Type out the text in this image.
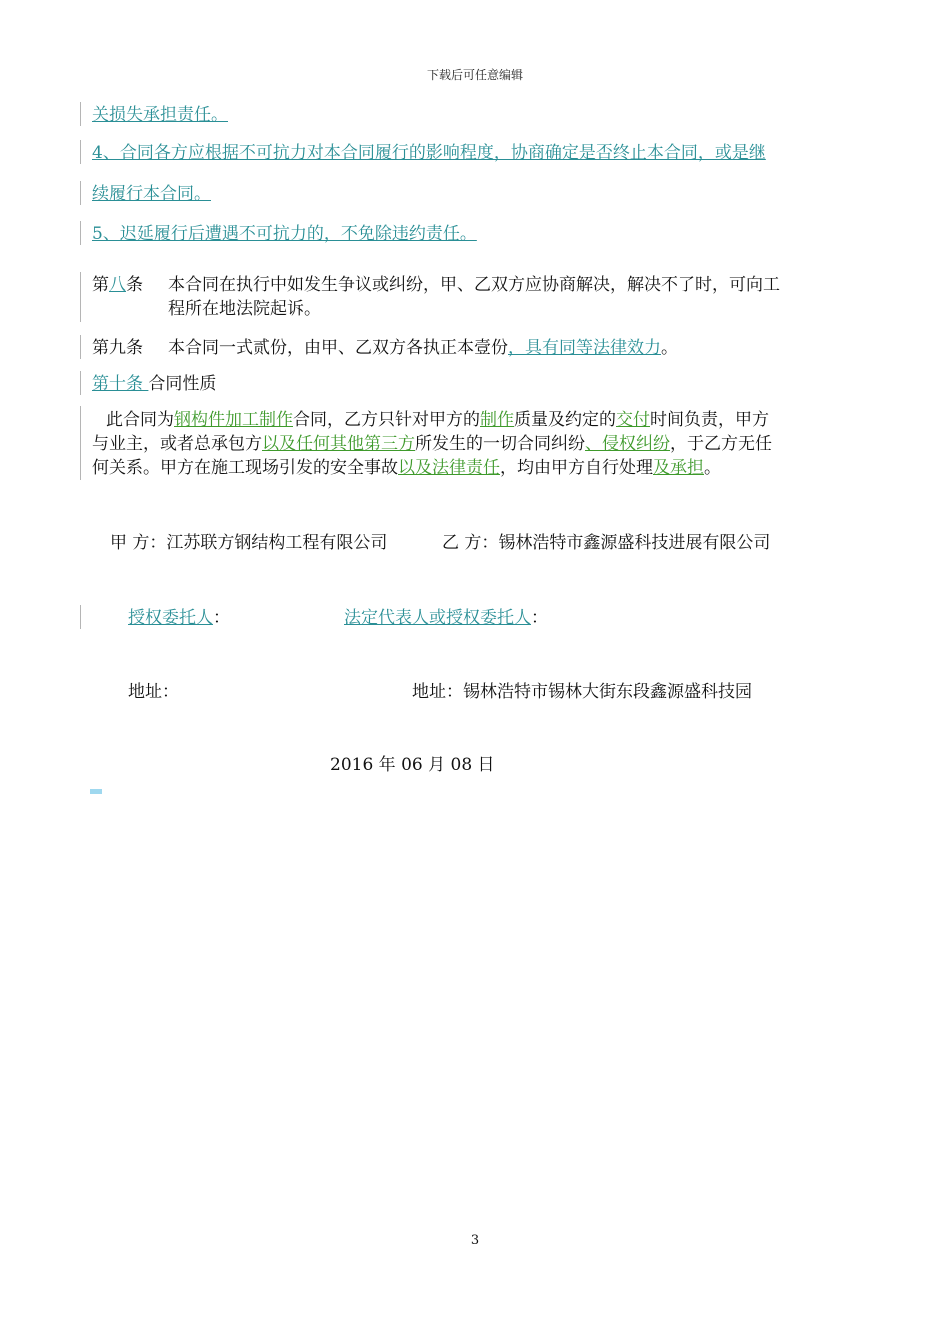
下载后可任意编辑
关损失承担责任。
4、合同各方应根据不可抗力对本合同履行的影响程度，协商确定是否终止本合同，或是继
续履行本合同。
5、迟延履行后遭遇不可抗力的，不免除违约责任。
第八条 本合同在执行中如发生争议或纠纷，甲、乙双方应协商解决，解决不了时，可向工
程所在地法院起诉。
第九条 本合同一式贰份，由甲、乙双方各执正本壹份，具有同等法律效力。
第十条 合同性质
此合同为钢构件加工制作合同，乙方只针对甲方的制作质量及约定的交付时间负责，甲方
与业主，或者总承包方以及任何其他第三方所发生的一切合同纠纷、侵权纠纷，于乙方无任
何关系。甲方在施工现场引发的安全事故以及法律责任，均由甲方自行处理及承担。
甲 方：江苏联方钢结构工程有限公司	乙 方：锡林浩特市鑫源盛科技进展有限公司
授权委托人：	法定代表人或授权委托人：
地址：	地址：锡林浩特市锡林大街东段鑫源盛科技园
2016 年 06 月 08 日
3
